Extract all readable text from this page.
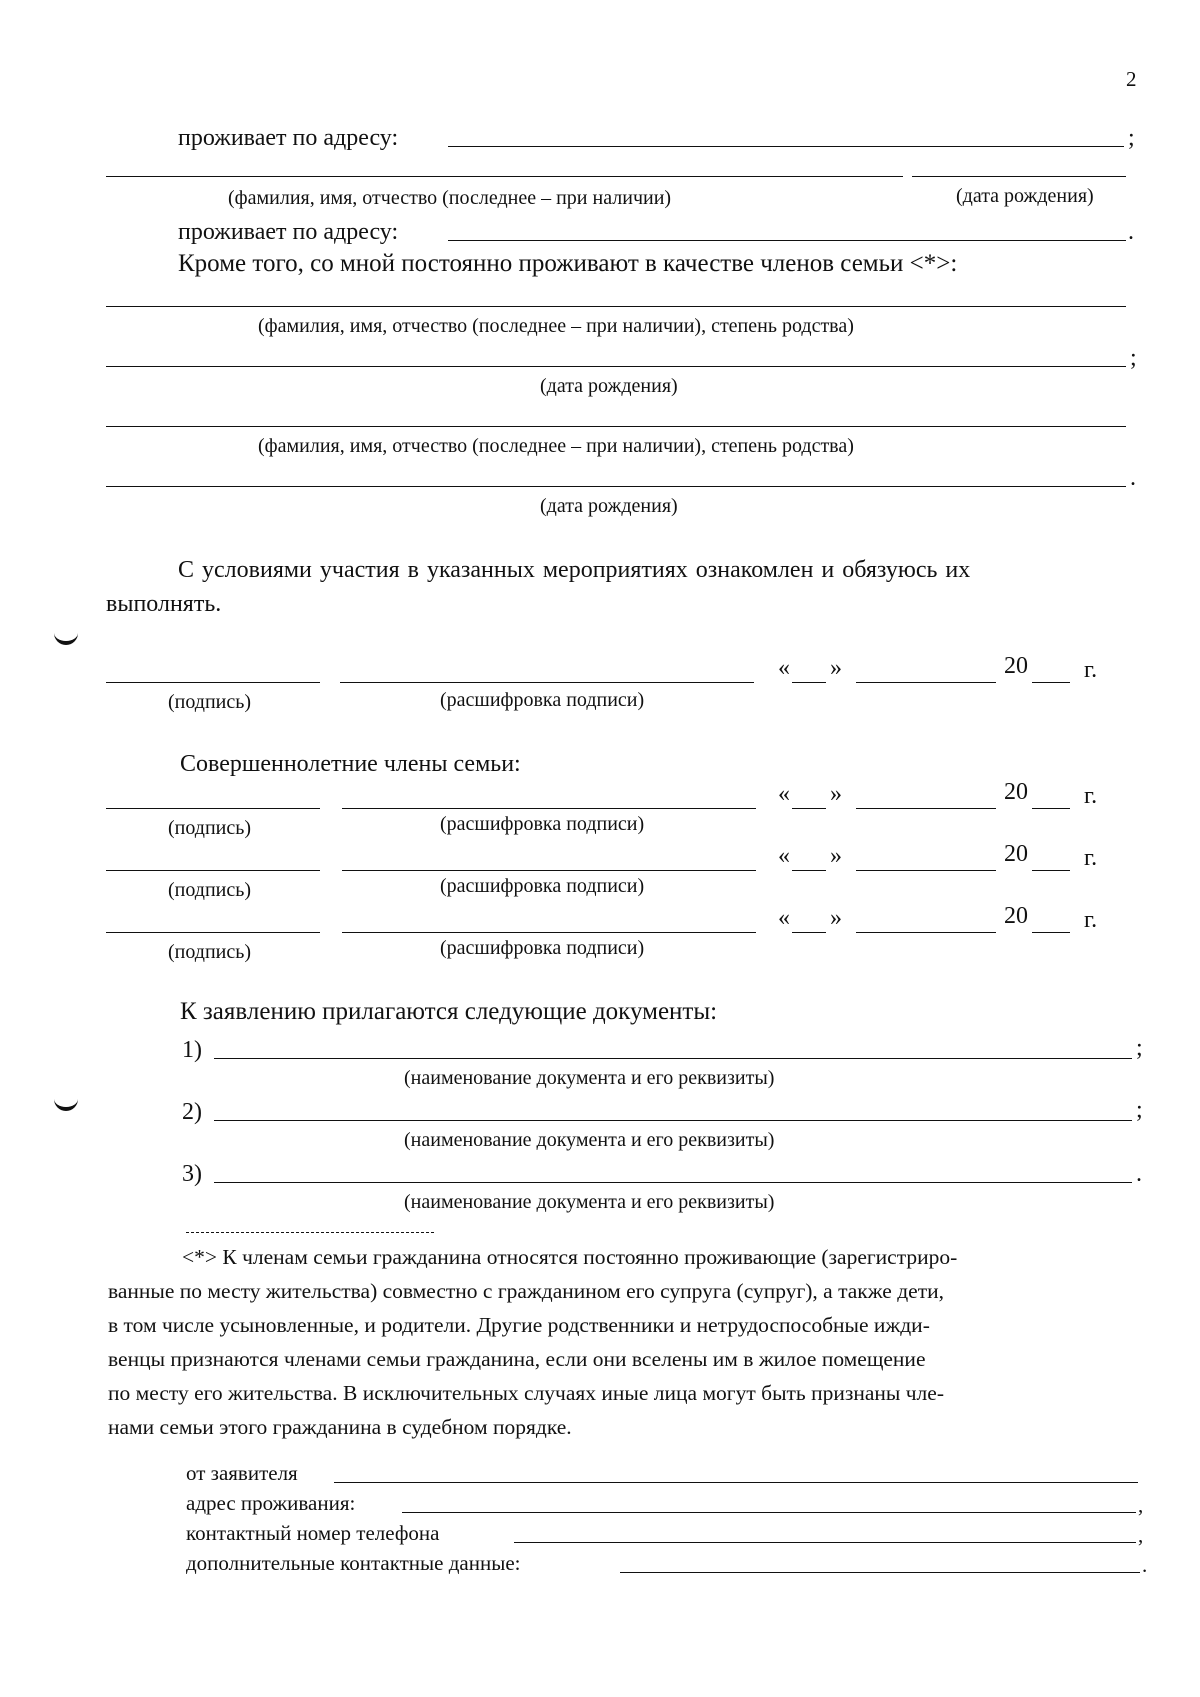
2
проживает по адресу:	;
(фамилия, имя, отчество (последнее – при наличии)	(дата рождения)
проживает по адресу:	.
Кроме того, со мной постоянно проживают в качестве членов семьи <*>:
(фамилия, имя, отчество (последнее – при наличии), степень родства)
;
(дата рождения)
(фамилия, имя, отчество (последнее – при наличии), степень родства)
.
(дата рождения)
С условиями участия в указанных мероприятиях ознакомлен и обязуюсь их
выполнять.
« »	20 г.
(подпись)	(расшифровка подписи)
Совершеннолетние члены семьи:
« »	20 г.
(подпись)	(расшифровка подписи)
« »	20 г.
(подпись)	(расшифровка подписи)
« »	20 г.
(подпись)	(расшифровка подписи)
К заявлению прилагаются следующие документы:
1)	;
(наименование документа и его реквизиты)
2)	;
(наименование документа и его реквизиты)
3)	.
(наименование документа и его реквизиты)

<*> К членам семьи гражданина относятся постоянно проживающие (зарегистриро-

ванные по месту жительства) совместно с гражданином его супруга (супруг), а также дети,

в том числе усыновленные, и родители. Другие родственники и нетрудоспособные ижди-

венцы признаются членами семьи гражданина, если они вселены им в жилое помещение

по месту его жительства. В исключительных случаях иные лица могут быть признаны чле-

нами семьи этого гражданина в судебном порядке.

от заявителя
адрес проживания:	,
контактный номер телефона	,
дополнительные контактные данные:	.
